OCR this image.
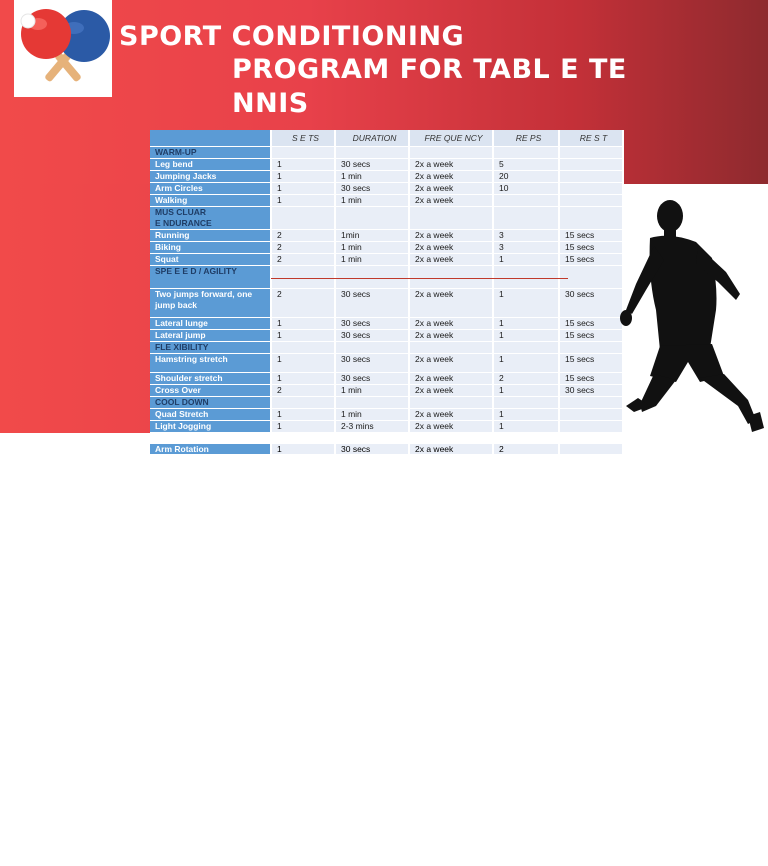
SPORT CONDITIONING
PROGRAM FOR TABL E TE
NNIS
	S E TS	DURATION	FRE QUE NCY	RE PS	RE S T
WARM-UP					
Leg bend	1	30 secs	2x a week	5	
Jumping Jacks	1	1 min	2x a week	20	
Arm Circles	1	30 secs	2x a week	10	
Walking	1	1 min	2x a week		

MUS CLUAR
E NDURANCE					

Running	2	1min	2x a week	3	15 secs
Biking	2	1 min	2x a week	3	15 secs
Squat	2	1 min	2x a week	1	15 secs
SPE E E D / AGILITY					
Two jumps forward, one jump back	2	30 secs	2x a week	1	30 secs
Lateral lunge	1	30 secs	2x a week	1	15 secs
Lateral jump	1	30 secs	2x a week	1	15 secs
FLE XIBILITY					
Hamstring stretch	1	30 secs	2x a week	1	15 secs
Shoulder stretch	1	30 secs	2x a week	2	15 secs
Cross Over	2	1 min	2x a week	1	30 secs
COOL DOWN					
Quad Stretch	1	1 min	2x a week	1	
Light Jogging	1	2-3 mins	2x a week	1	
Arm Rotation	1	30 secs	2x a week	2	
